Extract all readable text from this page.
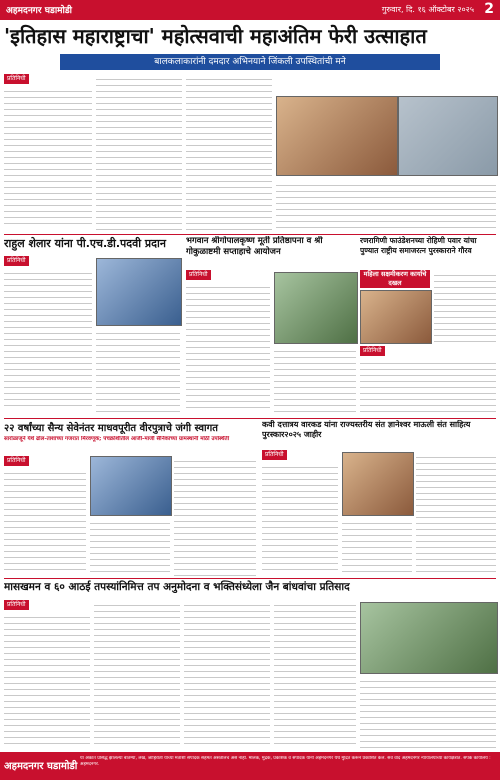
अहमदनगर घडामोडी	गुरुवार, दि. १६ ऑक्टोबर २०२५ 2
'इतिहास महाराष्ट्राचा' महोत्सवाची महाअंतिम फेरी उत्साहात
बालकलाकारांनी दमदार अभिनयाने जिंकली उपस्थितांची मने
प्रतिनिधी
राहुल शेलार यांना पी.एच.डी.पदवी प्रदान
प्रतिनिधी
भगवान श्रीगोपालकृष्ण मूर्ती प्रतिष्ठापना व श्री गोकुळाष्टमी सप्ताहाचे आयोजन
प्रतिनिधी
रणरागिणी फाउंडेशनच्या रोहिणी पवार यांचा पुण्यात राष्ट्रीय समाजरत्न पुरस्काराने गौरव
महिला सक्षमीकरण कार्याचे दखल
प्रतिनिधी
२२ वर्षांच्या सैन्य सेवेनंतर माधवपूरीत वीरपुत्राचे जंगी स्वागत
सारोळाजूने येथे ढोल-ताशांच्या गजरात मिरवणूक; पंचक्रोशीतील आजी-माजी सैनिकांच्या ग्रामस्थांनी मोठी उपस्थिती
प्रतिनिधी
कवी दत्तात्रय वारकड यांना राज्यस्तरीय संत ज्ञानेश्वर माऊली संत साहित्य पुरस्कार२०२५ जाहीर
प्रतिनिधी
मासखमन व ६० आठई तपस्यांनिमित्त तप अनुमोदना व भक्तिसंध्येला जैन बांधवांचा प्रतिसाद
प्रतिनिधी
अहमदनगर घडामोडी
या अंकात प्रसिद्ध झालेल्या बातम्या, लेख, जाहिराती यांच्या मतांशी संपादक सहमत असतीलच असे नाही. मालक, मुद्रक, प्रकाशक व संपादक यांनी अहमदनगर येथे मुद्रित करून प्रकाशित केले. सर्व वाद अहमदनगर न्यायालयाच्या कार्यक्षेत्रात. संपर्क कार्यालय : अहमदनगर.
